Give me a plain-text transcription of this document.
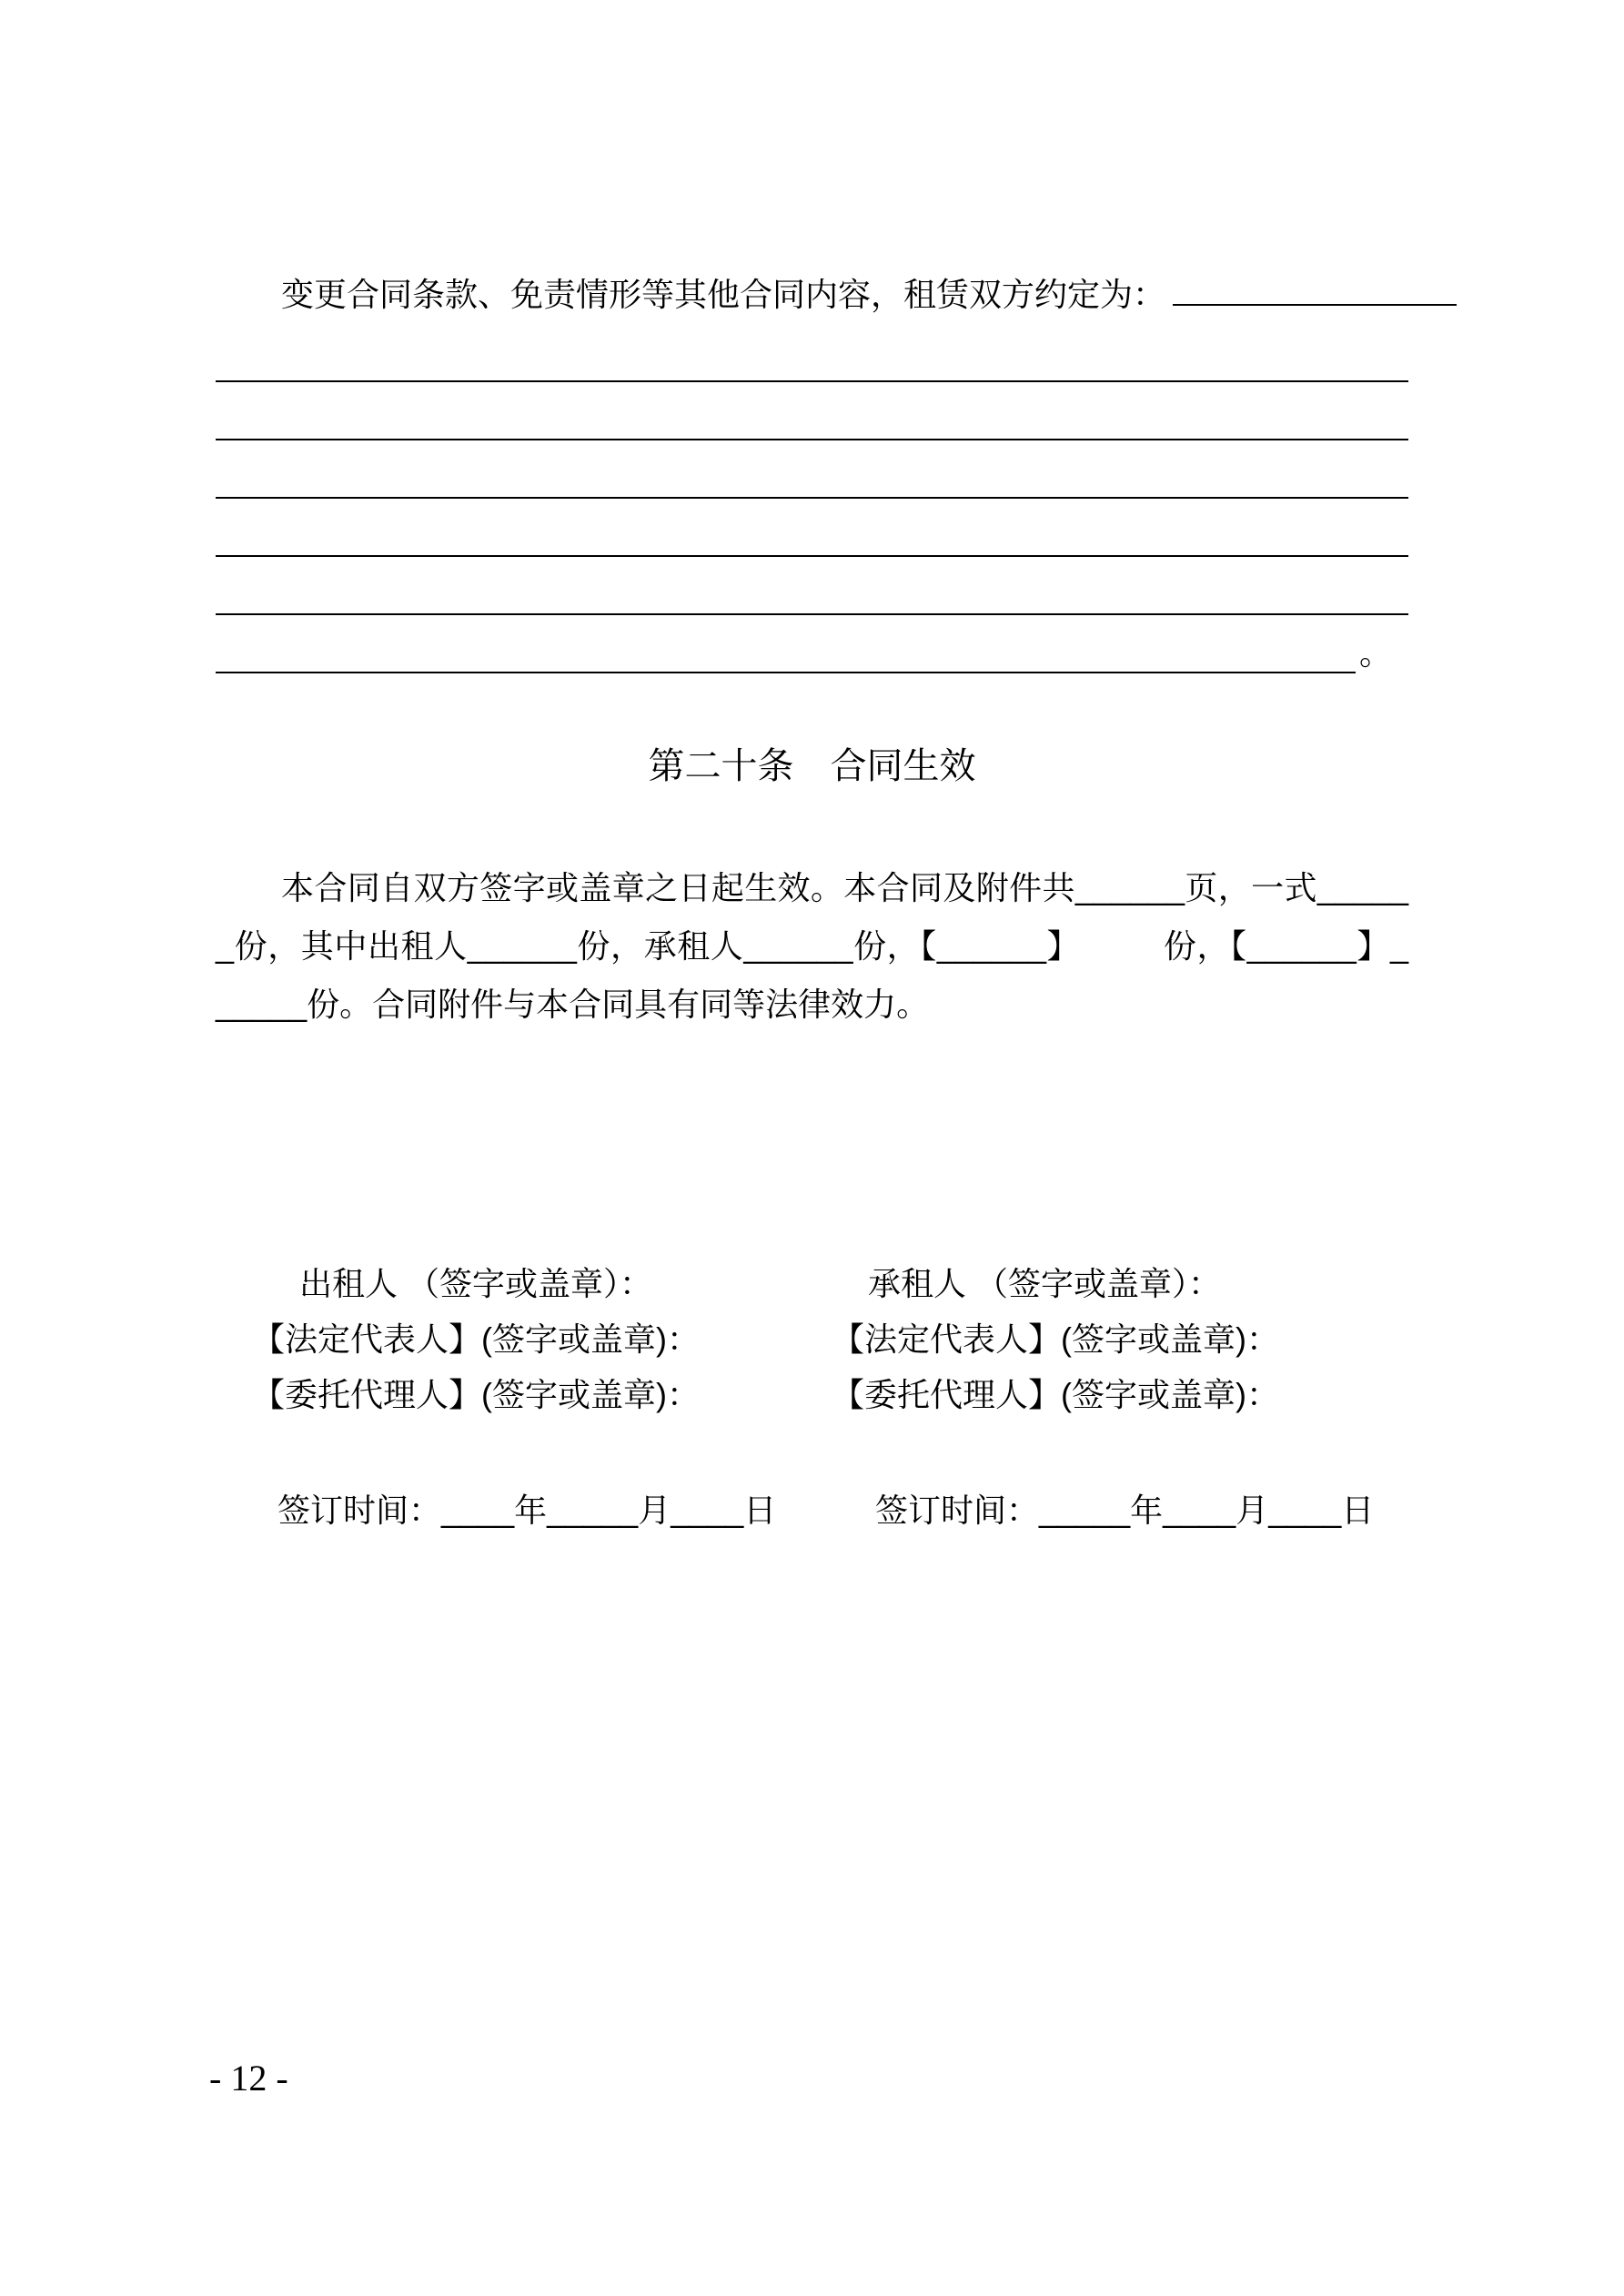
变更合同条款、免责情形等其他合同内容，租赁双方约定为：

。
第二十条　合同生效

本合同自双方签字或盖章之日起生效。本合同及附件共______页，一式______份，其中出租人______份，承租人______份，【______】　　　份，【______】______份。合同附件与本合同具有同等法律效力。

出租人 （签字或盖章）：	承租人 （签字或盖章）：
【法定代表人】(签字或盖章)：	【法定代表人】(签字或盖章)：
【委托代理人】(签字或盖章)：	【委托代理人】(签字或盖章)：
签订时间：____年_____月____日	签订时间：_____年____月____日
- 12 -
